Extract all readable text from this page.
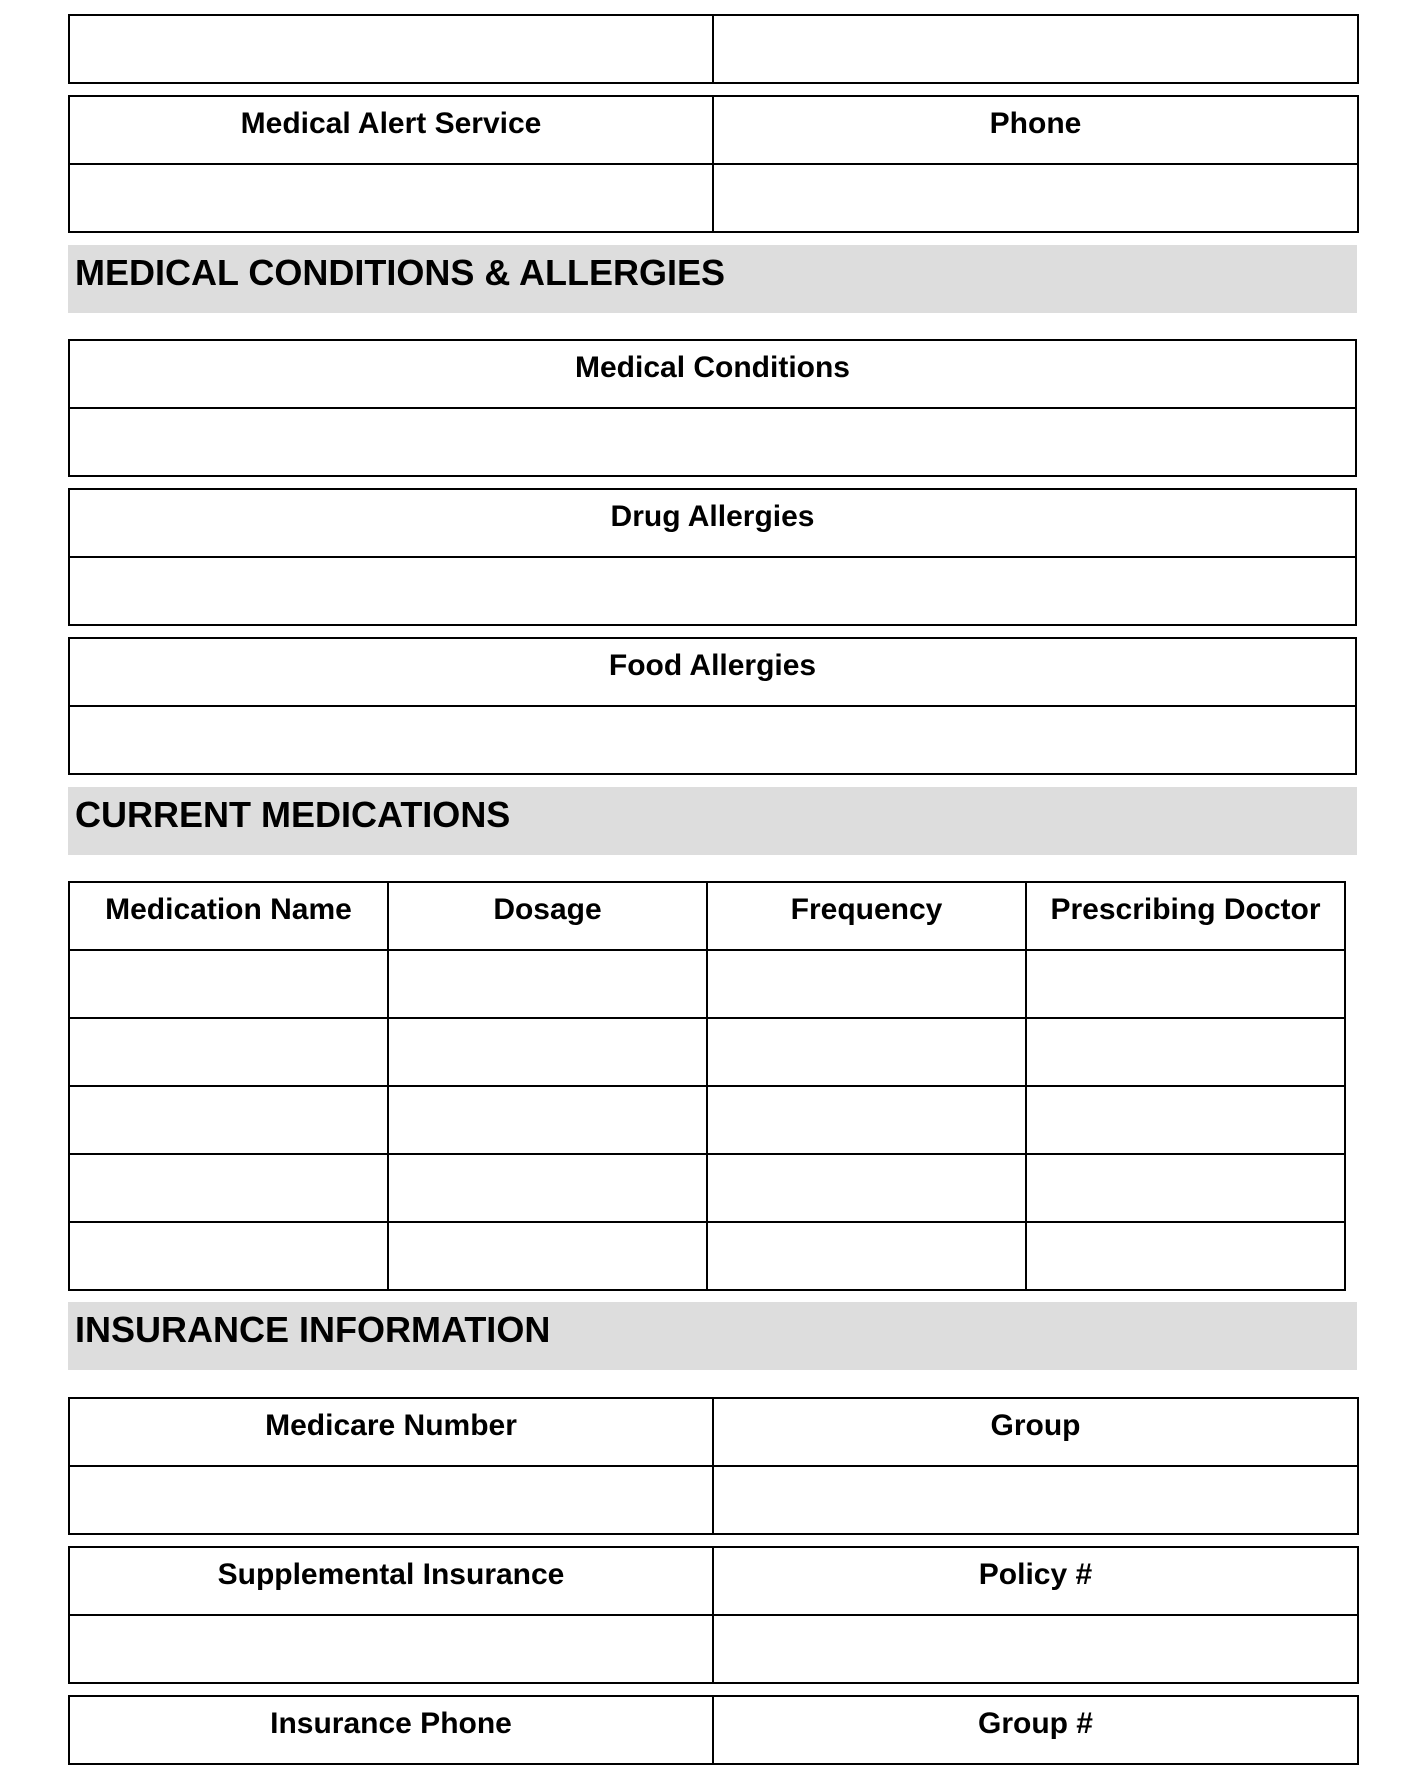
Medical Alert Service	Phone

MEDICAL CONDITIONS & ALLERGIES
Medical Conditions

Drug Allergies

Food Allergies

CURRENT MEDICATIONS
Medication Name	Dosage	Frequency	Prescribing Doctor

INSURANCE INFORMATION
Medicare Number	Group

Supplemental Insurance	Policy #

Insurance Phone	Group #
